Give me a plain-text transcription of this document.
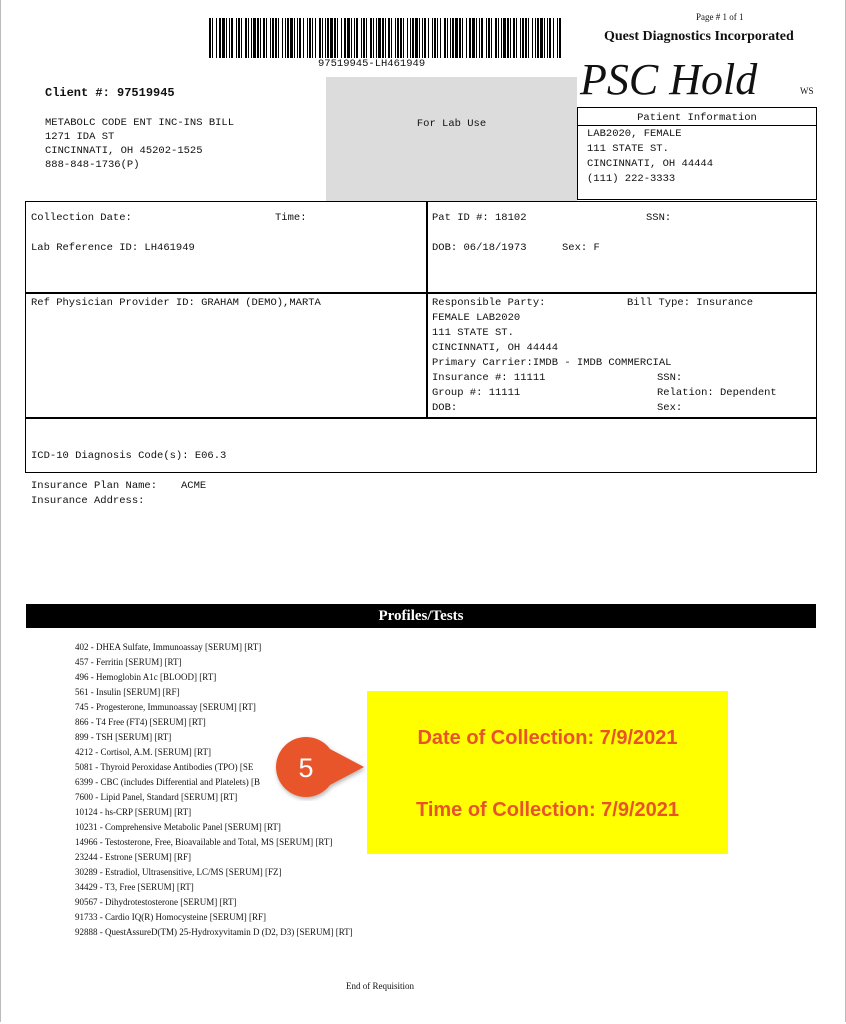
Page # 1 of 1
Quest Diagnostics Incorporated
97519945-LH461949	PSC Hold	WS
Client #: 97519945
METABOLC CODE ENT INC-INS BILL
1271 IDA ST
CINCINNATI, OH 45202-1525
888-848-1736(P)
For Lab Use	Patient Information
LAB2020, FEMALE
111 STATE ST.
CINCINNATI, OH 44444
(111) 222-3333
Collection Date:	Time:
Lab Reference ID: LH461949
Pat ID #: 18102	SSN:
DOB: 06/18/1973	Sex: F
Ref Physician Provider ID: GRAHAM (DEMO),MARTA	Responsible Party:	Bill Type: Insurance
FEMALE LAB2020
111 STATE ST.
CINCINNATI, OH 44444
Primary Carrier:IMDB - IMDB COMMERCIAL
Insurance #: 11111	SSN:
Group #: 11111	Relation: Dependent
DOB:	Sex:
ICD-10 Diagnosis Code(s): E06.3
Insurance Plan Name: ACME
Insurance Address:
Profiles/Tests
402 - DHEA Sulfate, Immunoassay [SERUM] [RT]
457 - Ferritin [SERUM] [RT]
496 - Hemoglobin A1c [BLOOD] [RT]
561 - Insulin [SERUM] [RF]
745 - Progesterone, Immunoassay [SERUM] [RT]
866 - T4 Free (FT4) [SERUM] [RT]
899 - TSH [SERUM] [RT]
4212 - Cortisol, A.M. [SERUM] [RT]
5081 - Thyroid Peroxidase Antibodies (TPO) [SE
6399 - CBC (includes Differential and Platelets) [B
7600 - Lipid Panel, Standard [SERUM] [RT]
10124 - hs-CRP [SERUM] [RT]
10231 - Comprehensive Metabolic Panel [SERUM] [RT]
14966 - Testosterone, Free, Bioavailable and Total, MS [SERUM] [RT]
23244 - Estrone [SERUM] [RF]
30289 - Estradiol, Ultrasensitive, LC/MS [SERUM] [FZ]
34429 - T3, Free [SERUM] [RT]
90567 - Dihydrotestosterone [SERUM] [RT]
91733 - Cardio IQ(R) Homocysteine [SERUM] [RF]
92888 - QuestAssureD(TM) 25-Hydroxyvitamin D (D2, D3) [SERUM] [RT]
Date of Collection: 7/9/2021
Time of Collection: 7/9/2021
5
End of Requisition
